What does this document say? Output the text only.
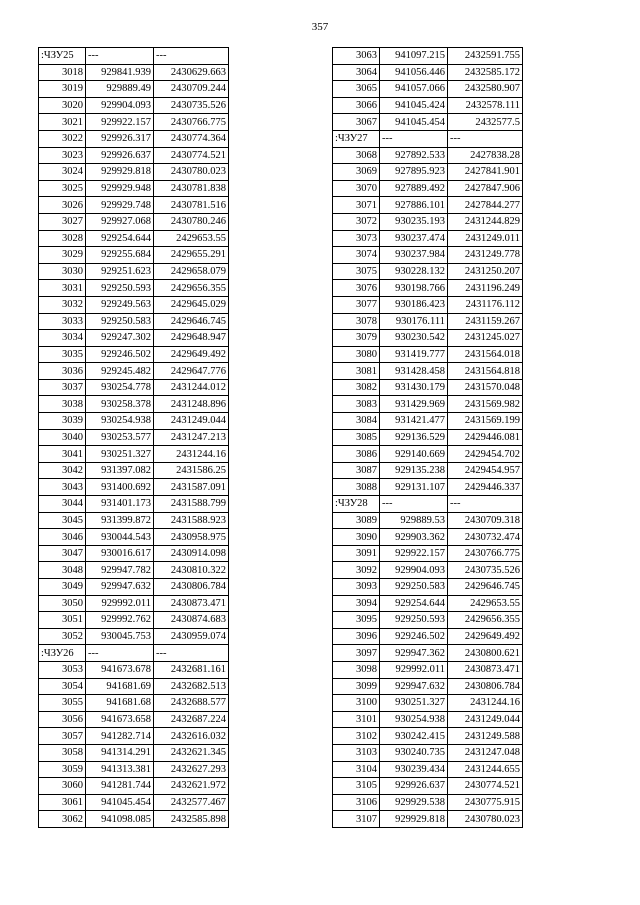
357
:ЧЗУ25	---	---
3018	929841.939	2430629.663
3019	929889.49	2430709.244
3020	929904.093	2430735.526
3021	929922.157	2430766.775
3022	929926.317	2430774.364
3023	929926.637	2430774.521
3024	929929.818	2430780.023
3025	929929.948	2430781.838
3026	929929.748	2430781.516
3027	929927.068	2430780.246
3028	929254.644	2429653.55
3029	929255.684	2429655.291
3030	929251.623	2429658.079
3031	929250.593	2429656.355
3032	929249.563	2429645.029
3033	929250.583	2429646.745
3034	929247.302	2429648.947
3035	929246.502	2429649.492
3036	929245.482	2429647.776
3037	930254.778	2431244.012
3038	930258.378	2431248.896
3039	930254.938	2431249.044
3040	930253.577	2431247.213
3041	930251.327	2431244.16
3042	931397.082	2431586.25
3043	931400.692	2431587.091
3044	931401.173	2431588.799
3045	931399.872	2431588.923
3046	930044.543	2430958.975
3047	930016.617	2430914.098
3048	929947.782	2430810.322
3049	929947.632	2430806.784
3050	929992.011	2430873.471
3051	929992.762	2430874.683
3052	930045.753	2430959.074
:ЧЗУ26	---	---
3053	941673.678	2432681.161
3054	941681.69	2432682.513
3055	941681.68	2432688.577
3056	941673.658	2432687.224
3057	941282.714	2432616.032
3058	941314.291	2432621.345
3059	941313.381	2432627.293
3060	941281.744	2432621.972
3061	941045.454	2432577.467
3062	941098.085	2432585.898
3063	941097.215	2432591.755
3064	941056.446	2432585.172
3065	941057.066	2432580.907
3066	941045.424	2432578.111
3067	941045.454	2432577.5
:ЧЗУ27	---	---
3068	927892.533	2427838.28
3069	927895.923	2427841.901
3070	927889.492	2427847.906
3071	927886.101	2427844.277
3072	930235.193	2431244.829
3073	930237.474	2431249.011
3074	930237.984	2431249.778
3075	930228.132	2431250.207
3076	930198.766	2431196.249
3077	930186.423	2431176.112
3078	930176.111	2431159.267
3079	930230.542	2431245.027
3080	931419.777	2431564.018
3081	931428.458	2431564.818
3082	931430.179	2431570.048
3083	931429.969	2431569.982
3084	931421.477	2431569.199
3085	929136.529	2429446.081
3086	929140.669	2429454.702
3087	929135.238	2429454.957
3088	929131.107	2429446.337
:ЧЗУ28	---	---
3089	929889.53	2430709.318
3090	929903.362	2430732.474
3091	929922.157	2430766.775
3092	929904.093	2430735.526
3093	929250.583	2429646.745
3094	929254.644	2429653.55
3095	929250.593	2429656.355
3096	929246.502	2429649.492
3097	929947.362	2430800.621
3098	929992.011	2430873.471
3099	929947.632	2430806.784
3100	930251.327	2431244.16
3101	930254.938	2431249.044
3102	930242.415	2431249.588
3103	930240.735	2431247.048
3104	930239.434	2431244.655
3105	929926.637	2430774.521
3106	929929.538	2430775.915
3107	929929.818	2430780.023
